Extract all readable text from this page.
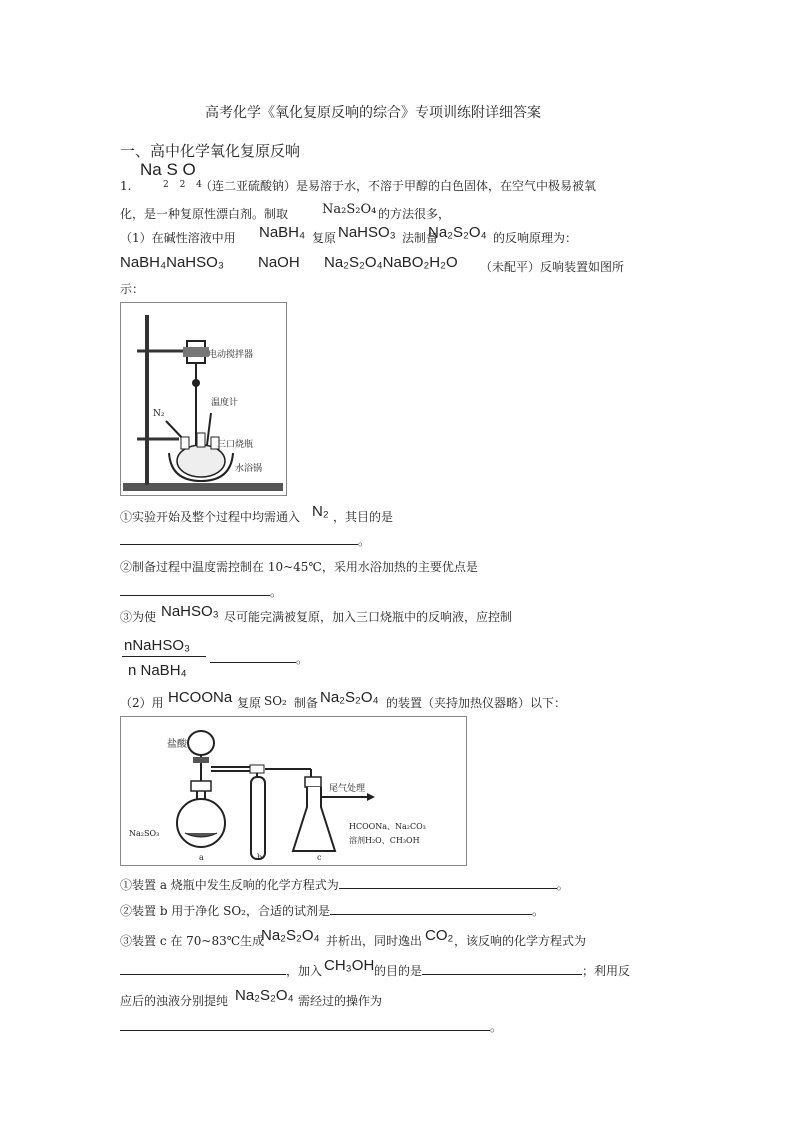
高考化学《氧化复原反响的综合》专项训练附详细答案
一、高中化学氧化复原反响
1.
Na S O
2 2 4
（连二亚硫酸钠）是易溶于水，不溶于甲醇的白色固体，在空气中极易被氧
化，是一种复原性漂白剂。制取	Na₂S₂O₄ 的方法很多，
（1）在碱性溶液中用 NaBH₄ 复原 NaHSO₃ 法制备
Na₂S₂O₄ 的反响原理为：
NaBH₄NaHSO₃ NaOH Na₂S₂O₄NaBO₂H₂O （未配平）反响装置如图所
示：
电动搅拌器
温度计
N₂
三口烧瓶
水浴锅
①实验开始及整个过程中均需通入 N₂ ，其目的是
。
②制备过程中温度需控制在 10~45℃，采用水浴加热的主要优点是
。
③为使 NaHSO₃ 尽可能完满被复原，加入三口烧瓶中的反响液，应控制
nNaHSO₃
n NaBH₄
。
（2）用 HCOONa 复原 SO₂ 制备 Na₂S₂O₄ 的装置（夹持加热仪器略）以下：
盐酸
Na₂SO₃
尾气处理
HCOONa、Na₂CO₃
溶剂H₂O、CH₃OH
a	b	c
①装置 a 烧瓶中发生反响的化学方程式为	。
②装置 b 用于净化 SO₂，合适的试剂是	。
③装置 c 在 70~83℃生成
Na₂S₂O₄ 并析出，同时逸出 CO₂ ，该反响的化学方程式为
，加入 CH₃OH 的目的是	；利用反
应后的浊液分别提纯 Na₂S₂O₄ 需经过的操作为
。
